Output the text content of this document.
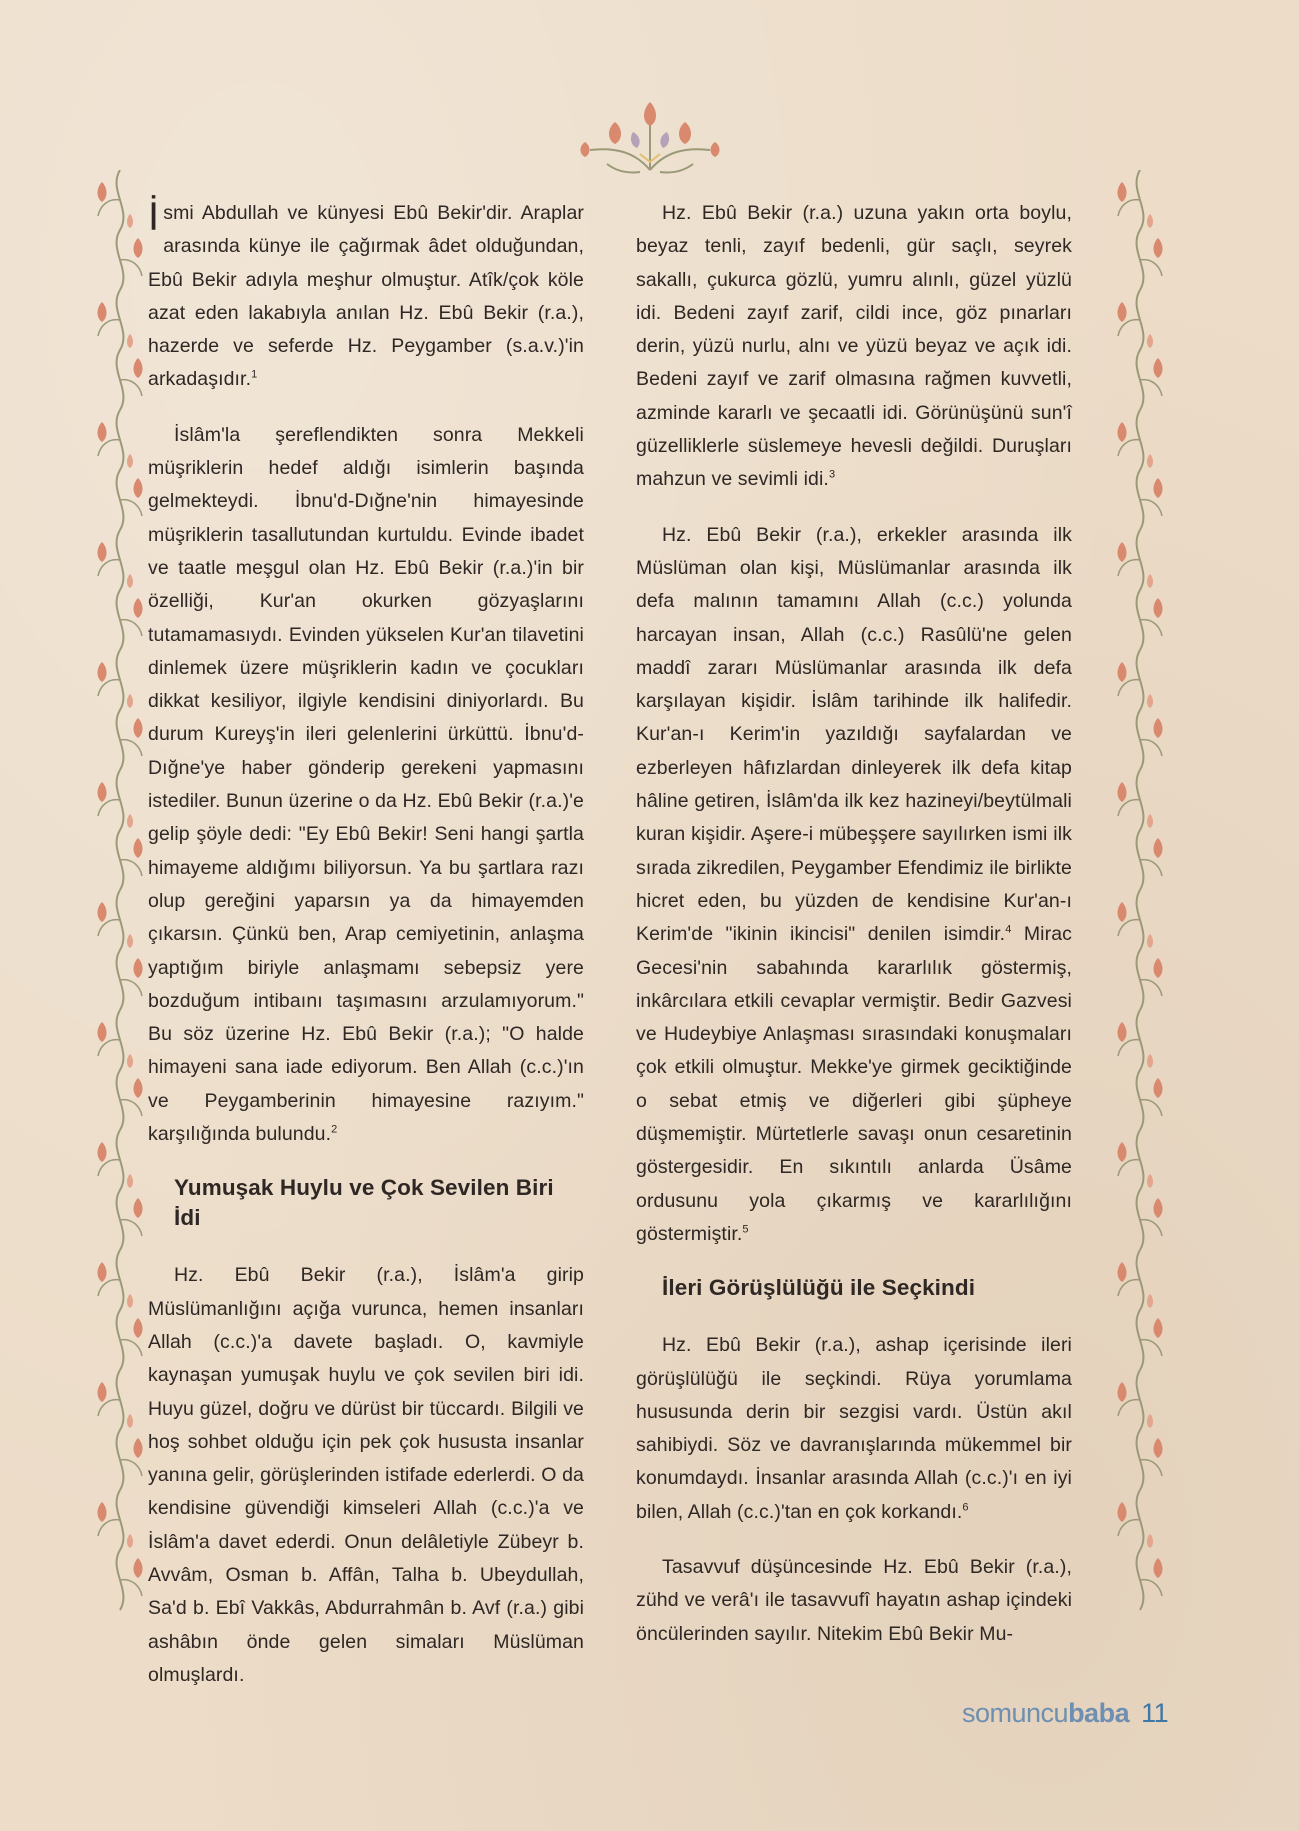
İsmi Abdullah ve künyesi Ebû Bekir'dir. Araplar arasında künye ile çağırmak âdet olduğundan, Ebû Bekir adıyla meşhur olmuştur. Atîk/çok köle azat eden lakabıyla anılan Hz. Ebû Bekir (r.a.), hazerde ve seferde Hz. Peygamber (s.a.v.)'in arkadaşıdır.$^1$

İslâm'la şereflendikten sonra Mekkeli müşriklerin hedef aldığı isimlerin başında gelmekteydi. İbnu'd-Dığne'nin himayesinde müşriklerin tasallutundan kurtuldu. Evinde ibadet ve taatle meşgul olan Hz. Ebû Bekir (r.a.)'in bir özelliği, Kur'an okurken gözyaşlarını tutamamasıydı. Evinden yükselen Kur'an tilavetini dinlemek üzere müşriklerin kadın ve çocukları dikkat kesiliyor, ilgiyle kendisini diniyorlardı. Bu durum Kureyş'in ileri gelenlerini ürküttü. İbnu'd-Dığne'ye haber gönderip gerekeni yapmasını istediler. Bunun üzerine o da Hz. Ebû Bekir (r.a.)'e gelip şöyle dedi: "Ey Ebû Bekir! Seni hangi şartla himayeme aldığımı biliyorsun. Ya bu şartlara razı olup gereğini yaparsın ya da himayemden çıkarsın. Çünkü ben, Arap cemiyetinin, anlaşma yaptığım biriyle anlaşmamı sebepsiz yere bozduğum intibaını taşımasını arzulamıyorum." Bu söz üzerine Hz. Ebû Bekir (r.a.); "O halde himayeni sana iade ediyorum. Ben Allah (c.c.)'ın ve Peygamberinin himayesine razıyım." karşılığında bulundu.$^2$

Yumuşak Huylu ve Çok Sevilen Biri İdi

Hz. Ebû Bekir (r.a.), İslâm'a girip Müslümanlığını açığa vurunca, hemen insanları Allah (c.c.)'a davete başladı. O, kavmiyle kaynaşan yumuşak huylu ve çok sevilen biri idi. Huyu güzel, doğru ve dürüst bir tüccardı. Bilgili ve hoş sohbet olduğu için pek çok hususta insanlar yanına gelir, görüşlerinden istifade ederlerdi. O da kendisine güvendiği kimseleri Allah (c.c.)'a ve İslâm'a davet ederdi. Onun delâletiyle Zübeyr b. Avvâm, Osman b. Affân, Talha b. Ubeydullah, Sa'd b. Ebî Vakkâs, Abdurrahmân b. Avf (r.a.) gibi ashâbın önde gelen simaları Müslüman olmuşlardı.

Hz. Ebû Bekir (r.a.) uzuna yakın orta boylu, beyaz tenli, zayıf bedenli, gür saçlı, seyrek sakallı, çukurca gözlü, yumru alınlı, güzel yüzlü idi. Bedeni zayıf zarif, cildi ince, göz pınarları derin, yüzü nurlu, alnı ve yüzü beyaz ve açık idi. Bedeni zayıf ve zarif olmasına rağmen kuvvetli, azminde kararlı ve şecaatli idi. Görünüşünü sun'î güzelliklerle süslemeye hevesli değildi. Duruşları mahzun ve sevimli idi.$^3$

Hz. Ebû Bekir (r.a.), erkekler arasında ilk Müslüman olan kişi, Müslümanlar arasında ilk defa malının tamamını Allah (c.c.) yolunda harcayan insan, Allah (c.c.) Rasûlü'ne gelen maddî zararı Müslümanlar arasında ilk defa karşılayan kişidir. İslâm tarihinde ilk halifedir. Kur'an-ı Kerim'in yazıldığı sayfalardan ve ezberleyen hâfızlardan dinleyerek ilk defa kitap hâline getiren, İslâm'da ilk kez hazineyi/beytülmali kuran kişidir. Aşere-i mübeşşere sayılırken ismi ilk sırada zikredilen, Peygamber Efendimiz ile birlikte hicret eden, bu yüzden de kendisine Kur'an-ı Kerim'de "ikinin ikincisi" denilen isimdir.$^4$ Mirac Gecesi'nin sabahında kararlılık göstermiş, inkârcılara etkili cevaplar vermiştir. Bedir Gazvesi ve Hudeybiye Anlaşması sırasındaki konuşmaları çok etkili olmuştur. Mekke'ye girmek geciktiğinde o sebat etmiş ve diğerleri gibi şüpheye düşmemiştir. Mürtetlerle savaşı onun cesaretinin göstergesidir. En sıkıntılı anlarda Üsâme ordusunu yola çıkarmış ve kararlılığını göstermiştir.$^5$

İleri Görüşlülüğü ile Seçkindi

Hz. Ebû Bekir (r.a.), ashap içerisinde ileri görüşlülüğü ile seçkindi. Rüya yorumlama hususunda derin bir sezgisi vardı. Üstün akıl sahibiydi. Söz ve davranışlarında mükemmel bir konumdaydı. İnsanlar arasında Allah (c.c.)'ı en iyi bilen, Allah (c.c.)'tan en çok korkandı.$^6$

Tasavvuf düşüncesinde Hz. Ebû Bekir (r.a.), zühd ve verâ'ı ile tasavvufî hayatın ashap içindeki öncülerinden sayılır. Nitekim Ebû Bekir Mu-

somuncubaba 11
